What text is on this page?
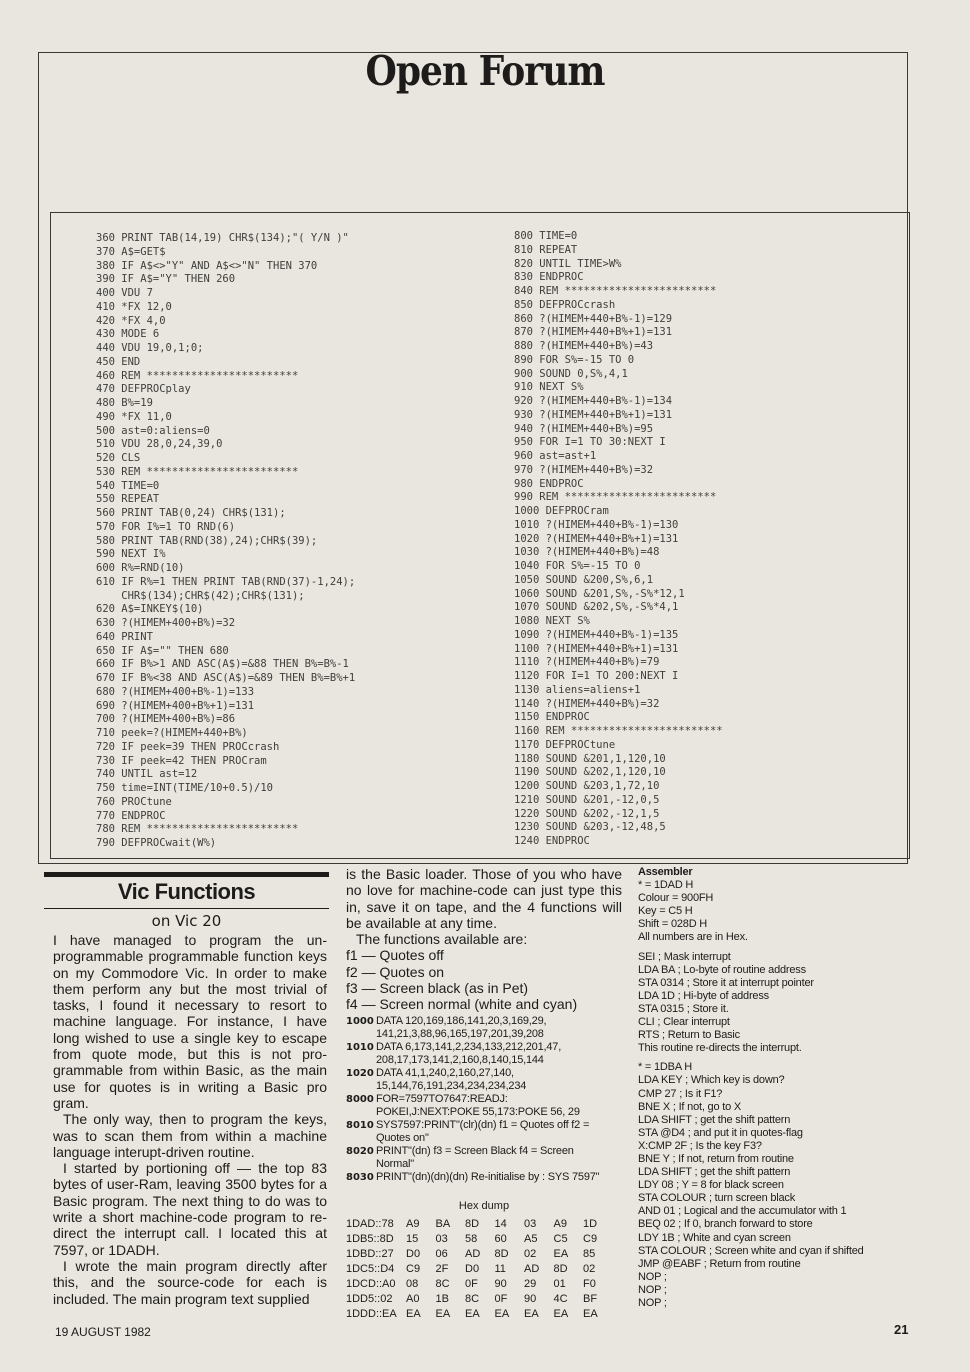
Open Forum
360 PRINT TAB(14,19) CHR$(134);"( Y/N )"
370 A$=GET$
380 IF A$<>"Y" AND A$<>"N" THEN 370
390 IF A$="Y" THEN 260
400 VDU 7
410 *FX 12,0
420 *FX 4,0
430 MODE 6
440 VDU 19,0,1;0;
450 END
460 REM ************************
470 DEFPROCplay
480 B%=19
490 *FX 11,0
500 ast=0:aliens=0
510 VDU 28,0,24,39,0
520 CLS
530 REM ************************
540 TIME=0
550 REPEAT
560 PRINT TAB(0,24) CHR$(131);
570 FOR I%=1 TO RND(6)
580 PRINT TAB(RND(38),24);CHR$(39);
590 NEXT I%
600 R%=RND(10)
610 IF R%=1 THEN PRINT TAB(RND(37)-1,24);
CHR$(134);CHR$(42);CHR$(131);
620 A$=INKEY$(10)
630 ?(HIMEM+400+B%)=32
640 PRINT
650 IF A$="" THEN 680
660 IF B%>1 AND ASC(A$)=&88 THEN B%=B%-1
670 IF B%<38 AND ASC(A$)=&89 THEN B%=B%+1
680 ?(HIMEM+400+B%-1)=133
690 ?(HIMEM+400+B%+1)=131
700 ?(HIMEM+400+B%)=86
710 peek=?(HIMEM+440+B%)
720 IF peek=39 THEN PROCcrash
730 IF peek=42 THEN PROCram
740 UNTIL ast=12
750 time=INT(TIME/10+0.5)/10
760 PROCtune
770 ENDPROC
780 REM ************************
790 DEFPROCwait(W%)
800 TIME=0
810 REPEAT
820 UNTIL TIME>W%
830 ENDPROC
840 REM ************************
850 DEFPROCcrash
860 ?(HIMEM+440+B%-1)=129
870 ?(HIMEM+440+B%+1)=131
880 ?(HIMEM+440+B%)=43
890 FOR S%=-15 TO 0
900 SOUND 0,S%,4,1
910 NEXT S%
920 ?(HIMEM+440+B%-1)=134
930 ?(HIMEM+440+B%+1)=131
940 ?(HIMEM+440+B%)=95
950 FOR I=1 TO 30:NEXT I
960 ast=ast+1
970 ?(HIMEM+440+B%)=32
980 ENDPROC
990 REM ************************
1000 DEFPROCram
1010 ?(HIMEM+440+B%-1)=130
1020 ?(HIMEM+440+B%+1)=131
1030 ?(HIMEM+440+B%)=48
1040 FOR S%=-15 TO 0
1050 SOUND &200,S%,6,1
1060 SOUND &201,S%,-S%*12,1
1070 SOUND &202,S%,-S%*4,1
1080 NEXT S%
1090 ?(HIMEM+440+B%-1)=135
1100 ?(HIMEM+440+B%+1)=131
1110 ?(HIMEM+440+B%)=79
1120 FOR I=1 TO 200:NEXT I
1130 aliens=aliens+1
1140 ?(HIMEM+440+B%)=32
1150 ENDPROC
1160 REM ************************
1170 DEFPROCtune
1180 SOUND &201,1,120,10
1190 SOUND &202,1,120,10
1200 SOUND &203,1,72,10
1210 SOUND &201,-12,0,5
1220 SOUND &202,-12,1,5
1230 SOUND &203,-12,48,5
1240 ENDPROC
Vic Functions
on Vic 20

I have managed to program the un-programmable programmable function keys on my Commodore Vic. In order to make them perform any but the most trivial of tasks, I found it necessary to resort to machine language. For instance, I have long wished to use a single key to escape from quote mode, but this is not pro-grammable from within Basic, as the main use for quotes is in writing a Basic pro gram.

The only way, then to program the keys, was to scan them from within a machine language interupt-driven routine.

I started by portioning off — the top 83 bytes of user-Ram, leaving 3500 bytes for a Basic program. The next thing to do was to write a short machine-code program to re-direct the interrupt call. I located this at 7597, or 1DADH.

I wrote the main program directly after this, and the source-code for each is included. The main program text supplied

is the Basic loader. Those of you who have no love for machine-code can just type this in, save it on tape, and the 4 functions will be available at any time.

The functions available are:

f1 — Quotes off
f2 — Quotes on
f3 — Screen black (as in Pet)
f4 — Screen normal (white and cyan)
1000 DATA 120,169,186,141,20,3,169,29,
141,21,3,88,96,165,197,201,39,208
1010 DATA 6,173,141,2,234,133,212,201,47,
208,17,173,141,2,160,8,140,15,144
1020 DATA 41,1,240,2,160,27,140,
15,144,76,191,234,234,234,234
8000 FOR=7597TO7647:READJ:
POKEI,J:NEXT:POKE 55,173:POKE 56, 29
8010 SYS7597:PRINT"(clr)(dn) f1 = Quotes off f2 =
Quotes on"
8020 PRINT"(dn) f3 = Screen Black f4 = Screen
Normal"
8030 PRINT"(dn)(dn)(dn) Re-initialise by : SYS 7597"
Hex dump
1DAD::78	A9	BA	8D	14	03	A9	1D
1DB5::8D	15	03	58	60	A5	C5	C9
1DBD::27	D0	06	AD	8D	02	EA	85
1DC5::D4	C9	2F	D0	11	AD	8D	02
1DCD::A0	08	8C	0F	90	29	01	F0
1DD5::02	A0	1B	8C	0F	90	4C	BF
1DDD::EA	EA	EA	EA	EA	EA	EA	EA
Assembler
* = 1DAD H
Colour = 900FH
Key = C5 H
Shift = 028D H
All numbers are in Hex.
SEI ; Mask interrupt
LDA BA ; Lo-byte of routine address
STA 0314 ; Store it at interrupt pointer
LDA 1D ; Hi-byte of address
STA 0315 ; Store it.
CLI ; Clear interrupt
RTS ; Return to Basic
This routine re-directs the interrupt.
* = 1DBA H
LDA KEY ; Which key is down?
CMP 27 ; Is it F1?
BNE X ; If not, go to X
LDA SHIFT ; get the shift pattern
STA @D4 ; and put it in quotes-flag
X:CMP 2F ; Is the key F3?
BNE Y ; If not, return from routine
LDA SHIFT ; get the shift pattern
LDY 08 ; Y = 8 for black screen
STA COLOUR ; turn screen black
AND 01 ; Logical and the accumulator with 1
BEQ 02 ; If 0, branch forward to store
LDY 1B ; White and cyan screen
STA COLOUR ; Screen white and cyan if shifted
JMP @EABF ; Return from routine
NOP ;
NOP ;
NOP ;
19 AUGUST 1982	21
